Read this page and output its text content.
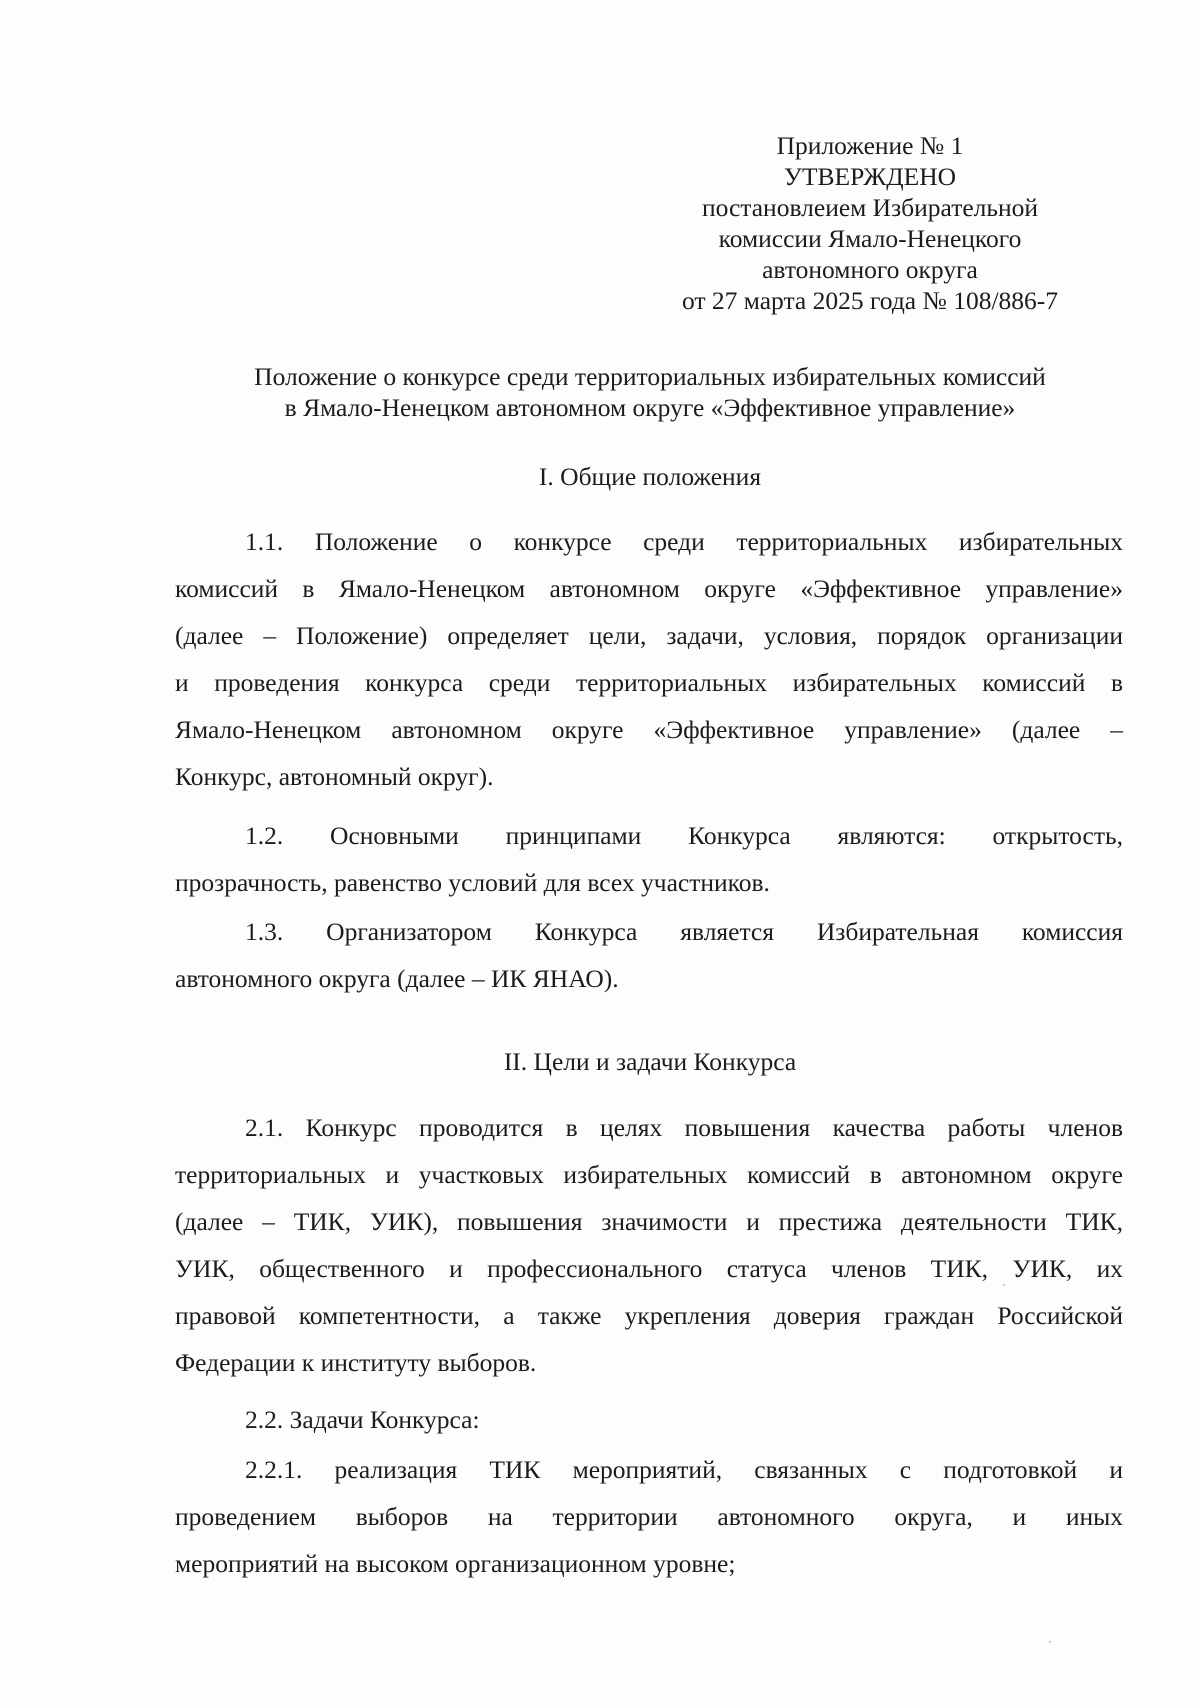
Приложение № 1
УТВЕРЖДЕНО
постановлеием Избирательной
комиссии Ямало-Ненецкого
автономного округа
от 27 марта 2025 года № 108/886-7
Положение о конкурсе среди территориальных избирательных комиссий
в Ямало-Ненецком автономном округе «Эффективное управление»
I. Общие положения
1.1. Положение о конкурсе среди территориальных избирательных
комиссий в Ямало-Ненецком автономном округе «Эффективное управление»
(далее – Положение) определяет цели, задачи, условия, порядок организации
и проведения конкурса среди территориальных избирательных комиссий в
Ямало-Ненецком автономном округе «Эффективное управление» (далее –
Конкурс, автономный округ).
1.2. Основными принципами Конкурса являются: открытость,
прозрачность, равенство условий для всех участников.
1.3. Организатором Конкурса является Избирательная комиссия
автономного округа (далее – ИК ЯНАО).
II. Цели и задачи Конкурса
2.1. Конкурс проводится в целях повышения качества работы членов
территориальных и участковых избирательных комиссий в автономном округе
(далее – ТИК, УИК), повышения значимости и престижа деятельности ТИК,
УИК, общественного и профессионального статуса членов ТИК, УИК, их
правовой компетентности, а также укрепления доверия граждан Российской
Федерации к институту выборов.
2.2. Задачи Конкурса:
2.2.1. реализация ТИК мероприятий, связанных с подготовкой и
проведением выборов на территории автономного округа, и иных
мероприятий на высоком организационном уровне;
